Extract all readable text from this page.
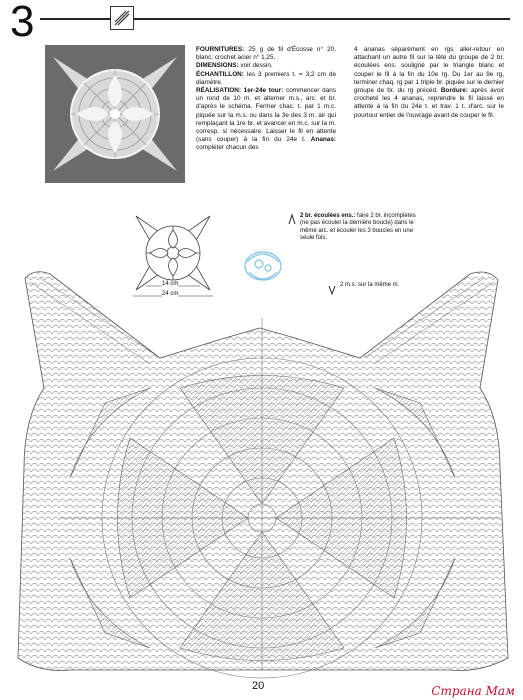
3

FOURNITURES: 25 g de fil d'Écosse n° 20, blanc; crochet acier n° 1,25.

DIMENSIONS: voir dessin.

ÉCHANTILLON: les 3 premiers t. = 3,2 cm de diamètre.

RÉALISATION: 1er-24e tour: commencer dans un rond de 10 m. et alterner m.s., arc. et br. d'après le schéma. Fermer chac. t. par 1 m.c. piquée sur la m.s. ou dans la 3e des 3 m. air qui remplaçant la 1re br. et avancer en m.c. sur la m. corresp. si nécessaire. Laisser le fil en attente (sans couper) à la fin du 24e t. Ananas: compléter chacun des

4 ananas séparément en rgs aller-retour en attachant un autre fil sur la tête du groupe de 2 br. écoulées ens. souligné par le triangle blanc et couper le fil à la fin du 10e rg. Du 1er au 9e rg, terminer chaq. rg par 1 triple br. piquée sur le dernier groupe de br. du rg précéd. Bordure: après avoir crocheté les 4 ananas, reprendre le fil laissé en attente à la fin du 24e t. et trav. 1 t. d'arc. sur le pourtour entier de l'ouvrage avant de couper le fil.

14 cm
24 cm
2 br. écoulées ens.: faire 2 br. incomplètes (ne pas écouler la dernière boucle) dans le même arc. et écouler les 3 boucles en une seule fois.
2 m.s. sur la même m.
20	Страна Мам
